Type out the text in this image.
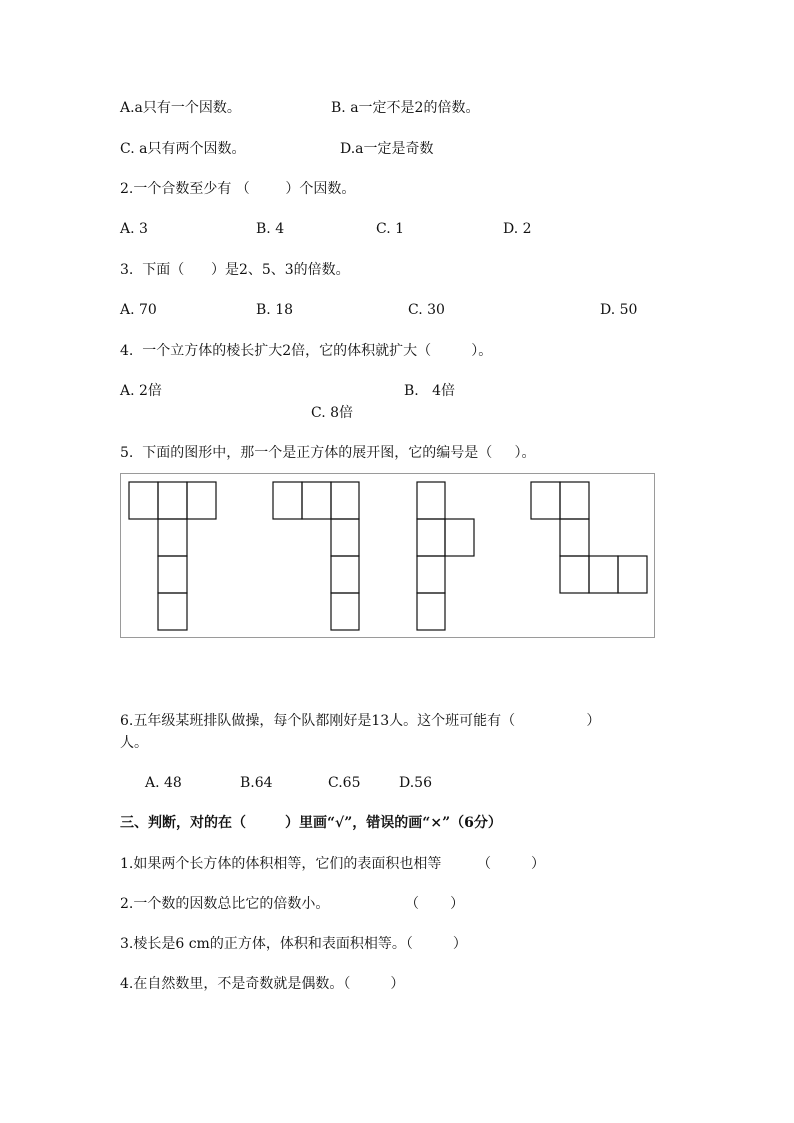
A.a只有一个因数。	B. a一定不是2的倍数。
C. a只有两个因数。	D.a一定是奇数
2.一个合数至少有 （        ）个因数。
A. 3	B. 4	C. 1	D. 2
3.  下面（      ）是2、5、3的倍数。
A. 70	B. 18	C. 30	D. 50
4.  一个立方体的棱长扩大2倍，它的体积就扩大（         ）。
A. 2倍	B.   4倍
C. 8倍
5.  下面的图形中，那一个是正方体的展开图，它的编号是（     ）。
6.五年级某班排队做操，每个队都刚好是13人。这个班可能有（                ）
人。
A. 48	B.64	C.65	D.56
三、判断，对的在（        ）里画“√”，错误的画“×”（6分）
1.如果两个长方体的体积相等，它们的表面积也相等        （         ）
2.一个数的因数总比它的倍数小。                 （       ）
3.棱长是6 cm的正方体，体积和表面积相等。（         ）
4.在自然数里，不是奇数就是偶数。（         ）
